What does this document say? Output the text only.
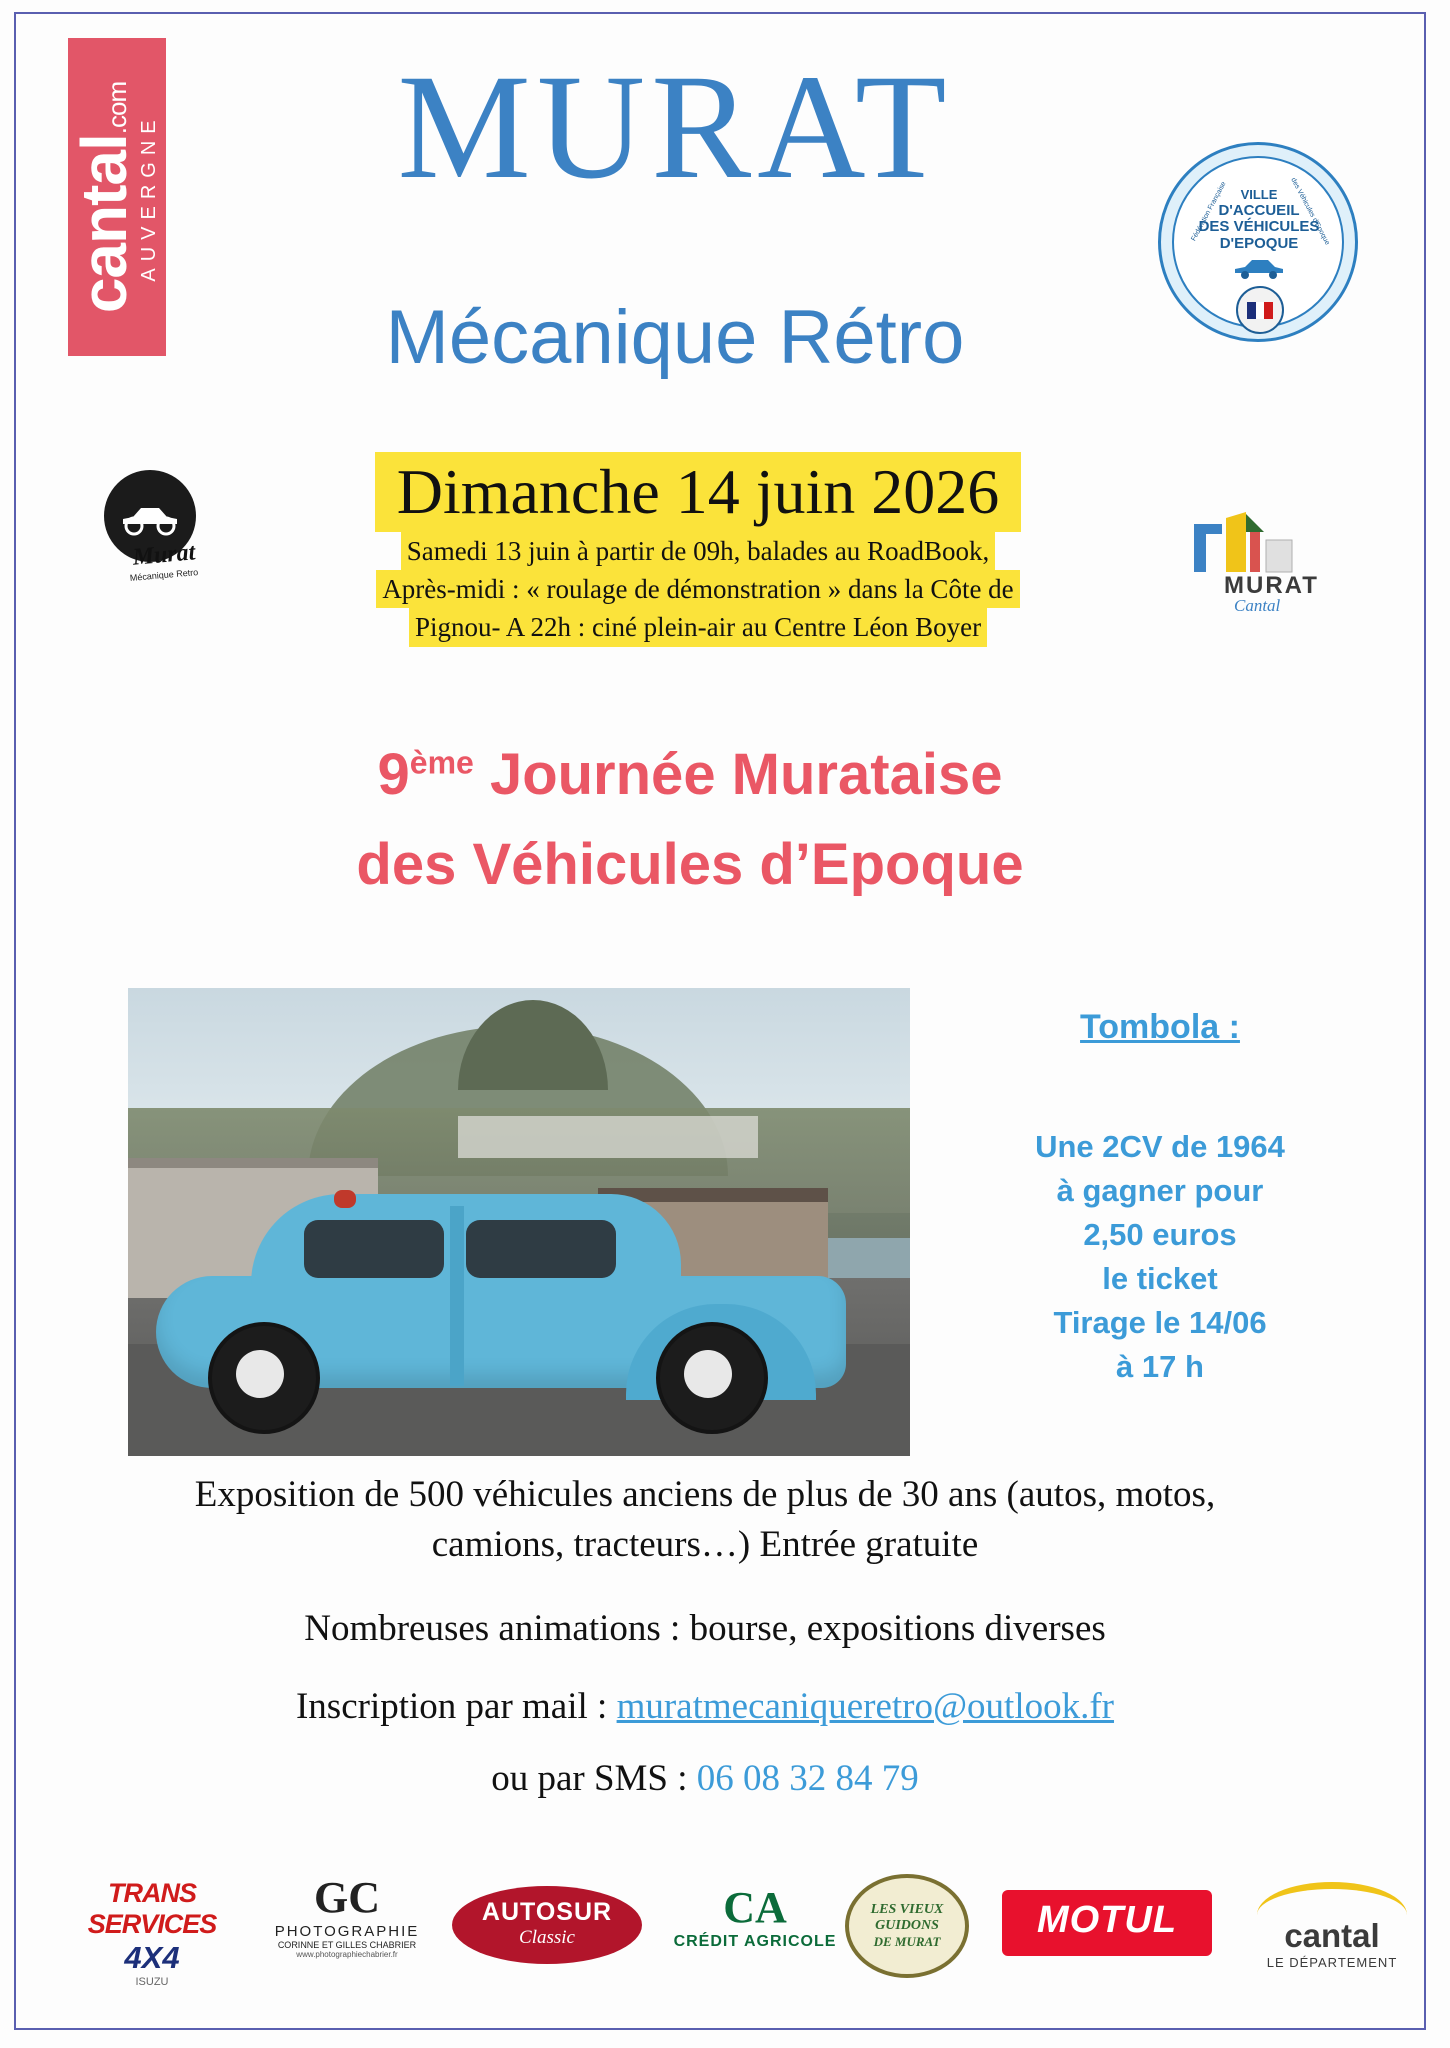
cantal.com
AUVERGNE
Murat
Mécanique Retro
MURAT
Mécanique Rétro
Fédération Française	des Véhicules d'Epoque
VILLE
D'ACCUEIL
DES VÉHICULES
D'EPOQUE
MURAT
Cantal
Dimanche 14 juin 2026
Samedi 13 juin à partir de 09h, balades au RoadBook,
Après-midi : « roulage de démonstration » dans la Côte de
Pignou- A 22h : ciné plein-air au Centre Léon Boyer
9ème Journée Murataise
des Véhicules d’Epoque
Tombola :
Une 2CV de 1964
à gagner pour
2,50 euros
le ticket
Tirage le 14/06
à 17 h
Exposition de 500 véhicules anciens de plus de 30 ans (autos, motos,
camions, tracteurs…) Entrée gratuite
Nombreuses animations : bourse, expositions diverses
Inscription par mail : muratmecaniqueretro@outlook.fr
ou par SMS : 06 08 32 84 79
TRANS
SERVICES
4X4
ISUZU
GC
PHOTOGRAPHIE
CORINNE ET GILLES CHABRIER
www.photographiechabrier.fr
AUTOSUR
Classic
CA
CRÉDIT AGRICOLE
LES VIEUX GUIDONS
DE MURAT
MOTUL	cantal
LE DÉPARTEMENT
